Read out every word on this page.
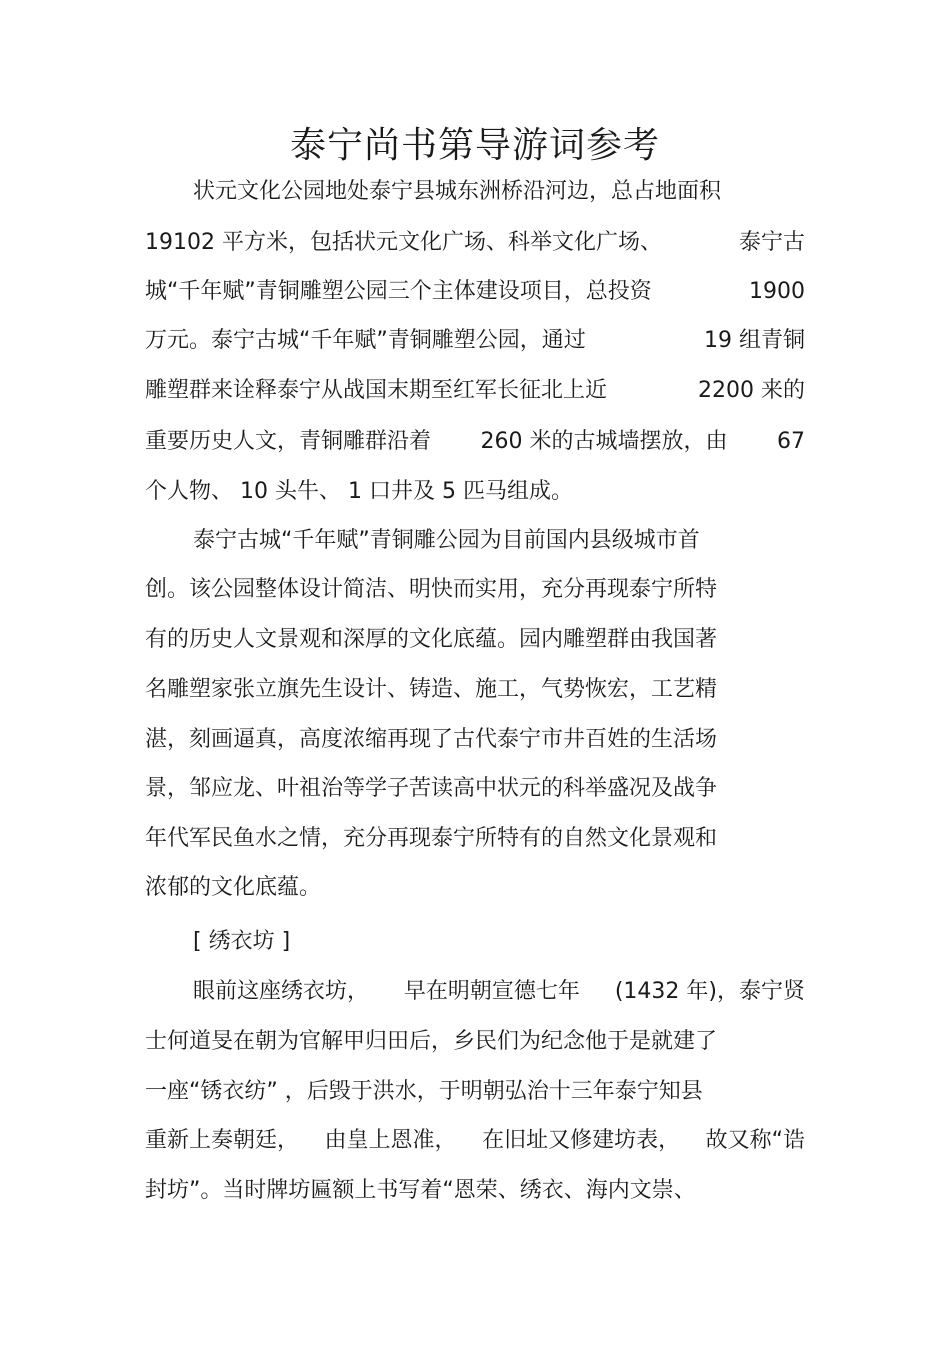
泰宁尚书第导游词参考
状元文化公园地处泰宁县城东洲桥沿河边，总占地面积
19102 平方米，包括状元文化广场、科举文化广场、	泰宁古
城“千年赋”青铜雕塑公园三个主体建设项目，总投资	1900
万元。泰宁古城“千年赋”青铜雕塑公园，通过	19 组青铜
雕塑群来诠释泰宁从战国末期至红军长征北上近	2200 来的
重要历史人文，青铜雕群沿着 260 米的古城墙摆放，由 67
个人物、 10 头牛、 1 口井及 5 匹马组成。
泰宁古城“千年赋”青铜雕公园为目前国内县级城市首
创。该公园整体设计简洁、明快而实用，充分再现泰宁所特
有的历史人文景观和深厚的文化底蕴。园内雕塑群由我国著
名雕塑家张立旗先生设计、铸造、施工，气势恢宏，工艺精
湛，刻画逼真，高度浓缩再现了古代泰宁市井百姓的生活场
景，邹应龙、叶祖治等学子苦读高中状元的科举盛况及战争
年代军民鱼水之情，充分再现泰宁所特有的自然文化景观和
浓郁的文化底蕴。
[ 绣衣坊 ]
眼前这座绣衣坊， 早在明朝宣德七年 (1432 年)，泰宁贤
士何道旻在朝为官解甲归田后，乡民们为纪念他于是就建了
一座“锈衣纺” ，后毁于洪水，于明朝弘治十三年泰宁知县
重新上奏朝廷， 由皇上恩准， 在旧址又修建坊表， 故又称“诰
封坊”。当时牌坊匾额上书写着“恩荣、绣衣、海内文崇、
